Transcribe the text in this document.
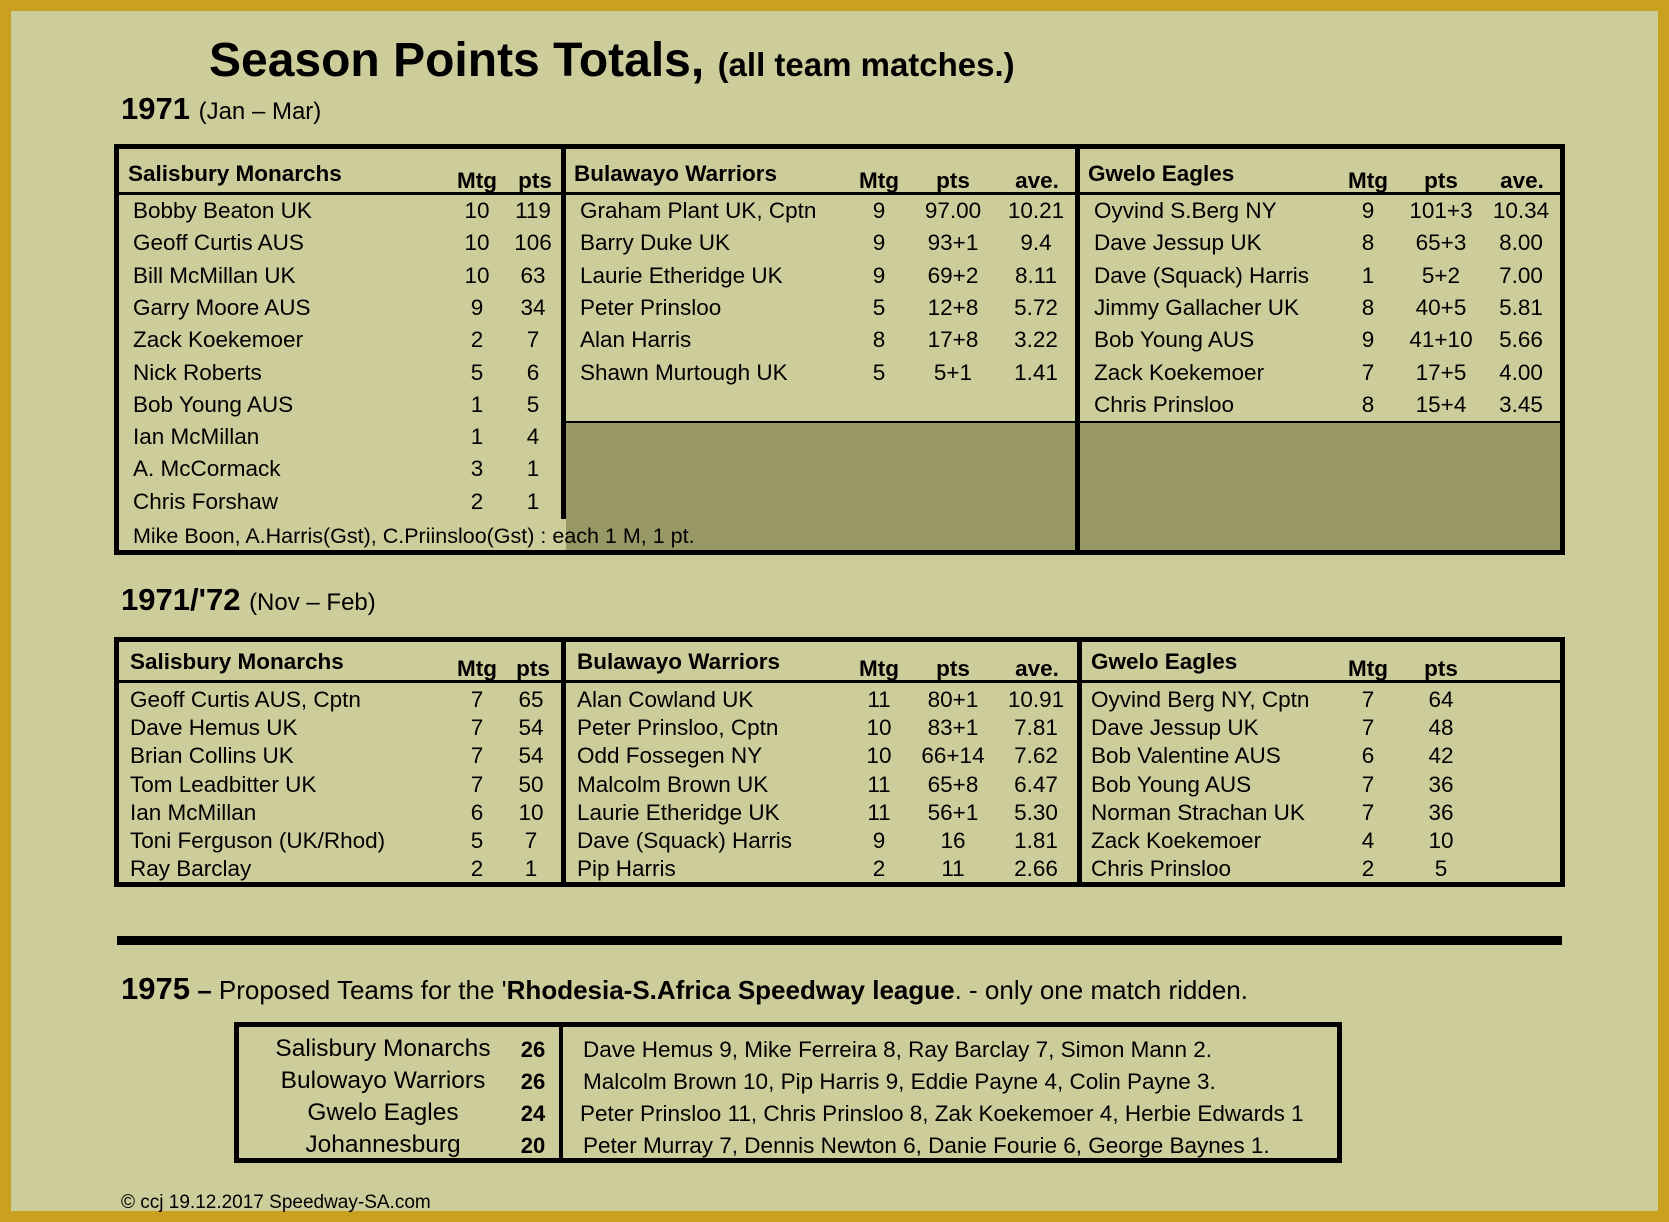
Season Points Totals, (all team matches.)
1971 (Jan – Mar)
Salisbury Monarchs	Mtg pts
Bobby Beaton UK	10	119
Geoff Curtis AUS	10	106
Bill McMillan UK	10	63
Garry Moore AUS	9	34
Zack Koekemoer	2	7
Nick Roberts	5	6
Bob Young AUS	1	5
Ian McMillan	1	4
A. McCormack	3	1
Chris Forshaw	2	1
Bulawayo Warriors	Mtg	pts	ave.
Graham Plant UK, Cptn	9	97.00	10.21
Barry Duke UK	9	93+1	9.4
Laurie Etheridge UK	9	69+2	8.11
Peter Prinsloo	5	12+8	5.72
Alan Harris	8	17+8	3.22
Shawn Murtough UK	5	5+1	1.41
Gwelo Eagles	Mtg	pts	ave.
Oyvind S.Berg NY	9	101+3 10.34
Dave Jessup UK	8	65+3	8.00
Dave (Squack) Harris	1	5+2	7.00
Jimmy Gallacher UK	8	40+5	5.81
Bob Young AUS	9	41+10	5.66
Zack Koekemoer	7	17+5	4.00
Chris Prinsloo	8	15+4	3.45
Mike Boon, A.Harris(Gst), C.Priinsloo(Gst) : each 1 M, 1 pt.
1971/'72 (Nov – Feb)
Salisbury Monarchs	Mtg pts
Geoff Curtis AUS, Cptn	7	65
Dave Hemus UK	7	54
Brian Collins UK	7	54
Tom Leadbitter UK	7	50
Ian McMillan	6	10
Toni Ferguson (UK/Rhod)	5	7
Ray Barclay	2	1
Bulawayo Warriors	Mtg	pts	ave.
Alan Cowland UK	11	80+1	10.91
Peter Prinsloo, Cptn	10	83+1	7.81
Odd Fossegen NY	10	66+14	7.62
Malcolm Brown UK	11	65+8	6.47
Laurie Etheridge UK	11	56+1	5.30
Dave (Squack) Harris	9	16	1.81
Pip Harris	2	11	2.66
Gwelo Eagles	Mtg	pts
Oyvind Berg NY, Cptn	7	64
Dave Jessup UK	7	48
Bob Valentine AUS	6	42
Bob Young AUS	7	36
Norman Strachan UK	7	36
Zack Koekemoer	4	10
Chris Prinsloo	2	5
1975 – Proposed Teams for the 'Rhodesia-S.Africa Speedway league. - only one match ridden.
Salisbury Monarchs	26	Dave Hemus 9, Mike Ferreira 8, Ray Barclay 7, Simon Mann 2.
Bulowayo Warriors	26	Malcolm Brown 10, Pip Harris 9, Eddie Payne 4, Colin Payne 3.
Gwelo Eagles	24	Peter Prinsloo 11, Chris Prinsloo 8, Zak Koekemoer 4, Herbie Edwards 1
Johannesburg	20	Peter Murray 7, Dennis Newton 6, Danie Fourie 6, George Baynes 1.
© ccj 19.12.2017 Speedway-SA.com
